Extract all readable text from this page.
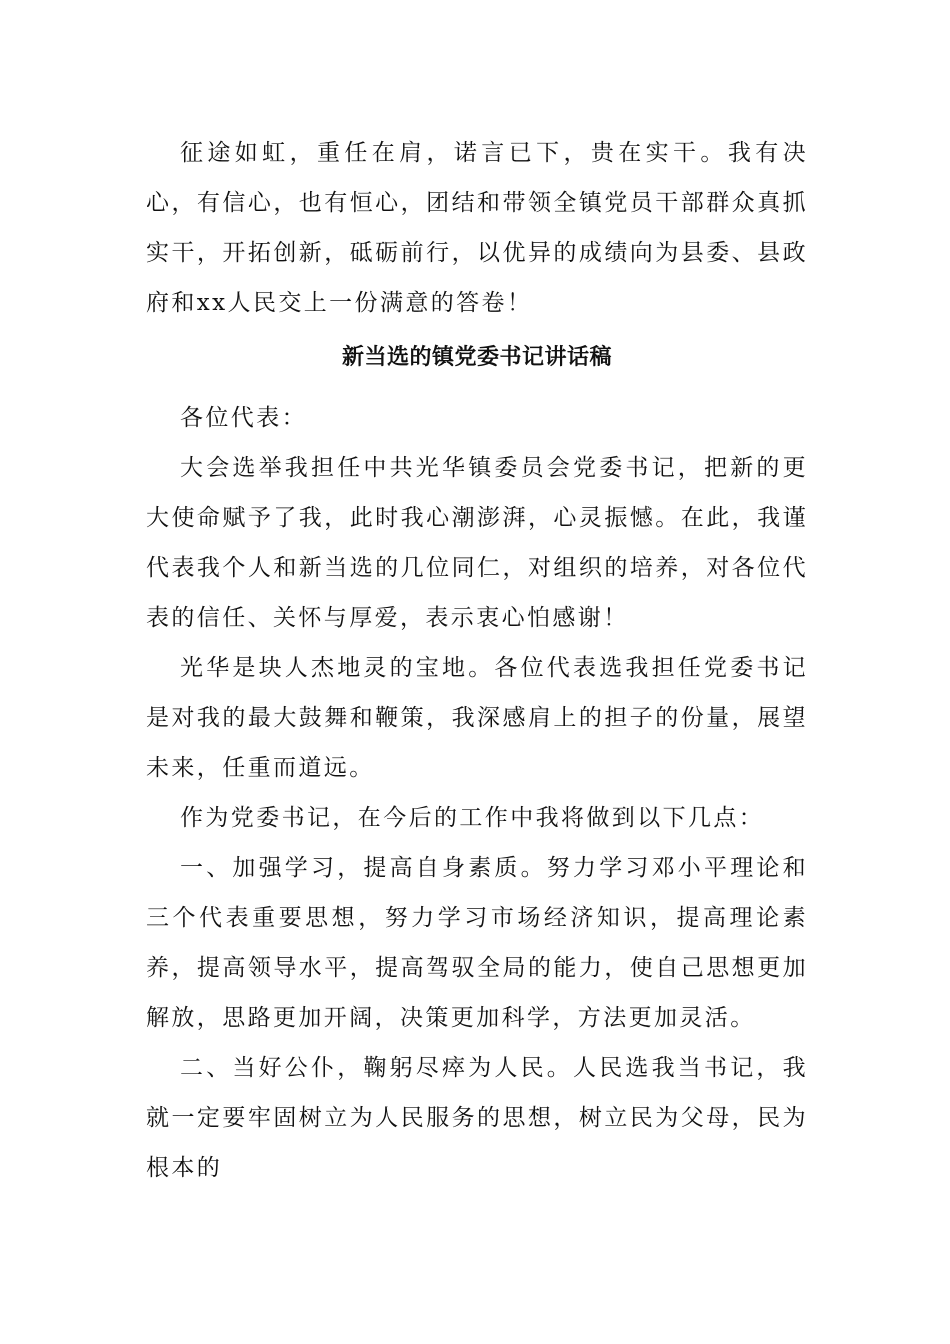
征途如虹，重任在肩，诺言已下，贵在实干。我有决心，有信心，也有恒心，团结和带领全镇党员干部群众真抓实干，开拓创新，砥砺前行，以优异的成绩向为县委、县政府和xx人民交上一份满意的答卷！

新当选的镇党委书记讲话稿

各位代表：

大会选举我担任中共光华镇委员会党委书记，把新的更大使命赋予了我，此时我心潮澎湃，心灵振憾。在此，我谨代表我个人和新当选的几位同仁，对组织的培养，对各位代表的信任、关怀与厚爱，表示衷心怕感谢！

光华是块人杰地灵的宝地。各位代表选我担任党委书记是对我的最大鼓舞和鞭策，我深感肩上的担子的份量，展望未来，任重而道远。

作为党委书记，在今后的工作中我将做到以下几点：

一、加强学习，提高自身素质。努力学习邓小平理论和三个代表重要思想，努力学习市场经济知识，提高理论素养，提高领导水平，提高驾驭全局的能力，使自己思想更加解放，思路更加开阔，决策更加科学，方法更加灵活。

二、当好公仆，鞠躬尽瘁为人民。人民选我当书记，我就一定要牢固树立为人民服务的思想，树立民为父母，民为根本的
